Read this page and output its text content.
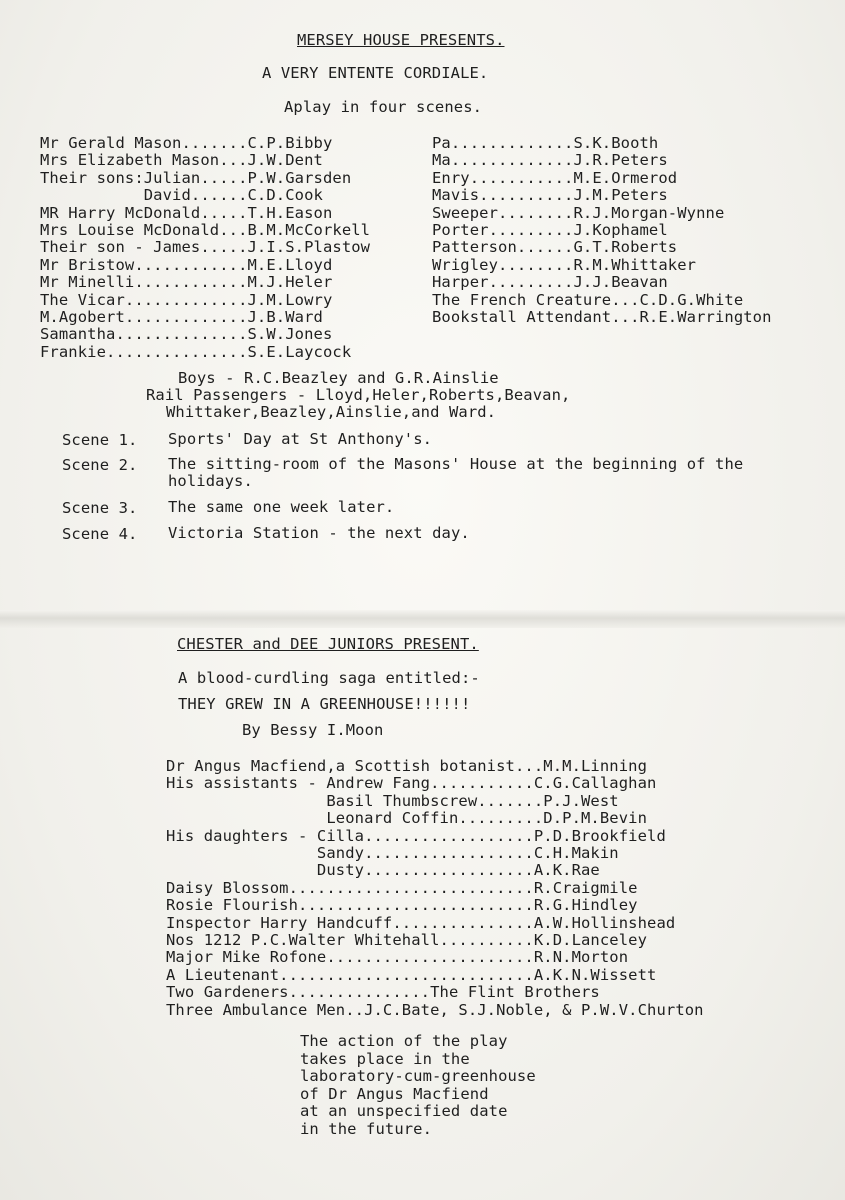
MERSEY HOUSE PRESENTS.
A VERY ENTENTE CORDIALE.
Aplay in four scenes.
Mr Gerald Mason.......C.P.Bibby
Mrs Elizabeth Mason...J.W.Dent
Their sons:Julian.....P.W.Garsden
David......C.D.Cook
MR Harry McDonald.....T.H.Eason
Mrs Louise McDonald...B.M.McCorkell
Their son - James.....J.I.S.Plastow
Mr Bristow............M.E.Lloyd
Mr Minelli............M.J.Heler
The Vicar.............J.M.Lowry
M.Agobert.............J.B.Ward
Samantha..............S.W.Jones
Frankie...............S.E.Laycock
Pa.............S.K.Booth
Ma.............J.R.Peters
Enry...........M.E.Ormerod
Mavis..........J.M.Peters
Sweeper........R.J.Morgan-Wynne
Porter.........J.Kophamel
Patterson......G.T.Roberts
Wrigley........R.M.Whittaker
Harper.........J.J.Beavan
The French Creature...C.D.G.White
Bookstall Attendant...R.E.Warrington
Boys - R.C.Beazley and G.R.Ainslie
Rail Passengers - Lloyd,Heler,Roberts,Beavan,
Whittaker,Beazley,Ainslie,and Ward.
Scene 1.	Sports' Day at St Anthony's.
Scene 2.	The sitting-room of the Masons' House at the beginning of the holidays.
Scene 3.	The same one week later.
Scene 4.	Victoria Station - the next day.
CHESTER and DEE JUNIORS PRESENT.
A blood-curdling saga entitled:-
THEY GREW IN A GREENHOUSE!!!!!!
By Bessy I.Moon
Dr Angus Macfiend,a Scottish botanist...M.M.Linning
His assistants - Andrew Fang...........C.G.Callaghan
Basil Thumbscrew.......P.J.West
Leonard Coffin.........D.P.M.Bevin
His daughters - Cilla..................P.D.Brookfield
Sandy..................C.H.Makin
Dusty..................A.K.Rae
Daisy Blossom..........................R.Craigmile
Rosie Flourish.........................R.G.Hindley
Inspector Harry Handcuff...............A.W.Hollinshead
Nos 1212 P.C.Walter Whitehall..........K.D.Lanceley
Major Mike Rofone......................R.N.Morton
A Lieutenant...........................A.K.N.Wissett
Two Gardeners...............The Flint Brothers
Three Ambulance Men..J.C.Bate, S.J.Noble, & P.W.V.Churton
The action of the play
takes place in the
laboratory-cum-greenhouse
of Dr Angus Macfiend
at an unspecified date
in the future.
